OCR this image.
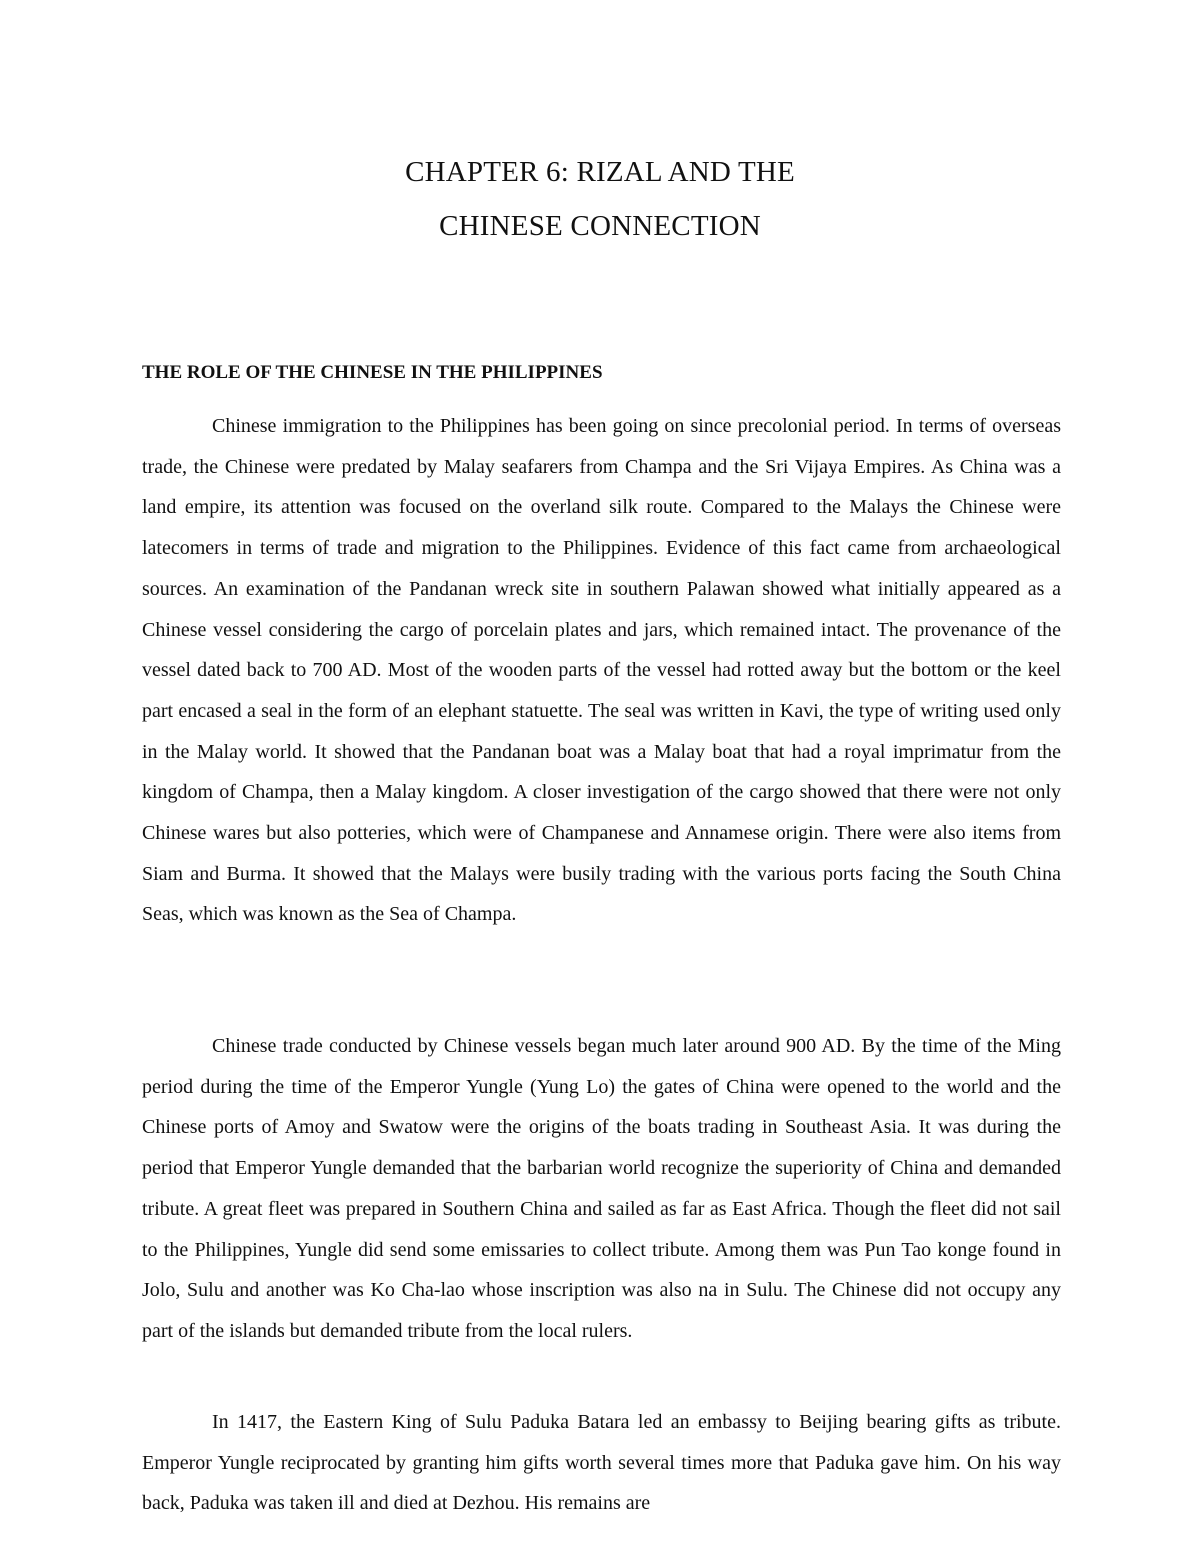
CHAPTER 6: RIZAL AND THE
CHINESE CONNECTION
THE ROLE OF THE CHINESE IN THE PHILIPPINES

Chinese immigration to the Philippines has been going on since precolonial period. In terms of overseas trade, the Chinese were predated by Malay seafarers from Champa and the Sri Vijaya Empires. As China was a land empire, its attention was focused on the overland silk route. Compared to the Malays the Chinese were latecomers in terms of trade and migration to the Philippines. Evidence of this fact came from archaeological sources. An examination of the Pandanan wreck site in southern Palawan showed what initially appeared as a Chinese vessel considering the cargo of porcelain plates and jars, which remained intact. The provenance of the vessel dated back to 700 AD. Most of the wooden parts of the vessel had rotted away but the bottom or the keel part encased a seal in the form of an elephant statuette. The seal was written in Kavi, the type of writing used only in the Malay world. It showed that the Pandanan boat was a Malay boat that had a royal imprimatur from the kingdom of Champa, then a Malay kingdom. A closer investigation of the cargo showed that there were not only Chinese wares but also potteries, which were of Champanese and Annamese origin. There were also items from Siam and Burma. It showed that the Malays were busily trading with the various ports facing the South China Seas, which was known as the Sea of Champa.

Chinese trade conducted by Chinese vessels began much later around 900 AD. By the time of the Ming period during the time of the Emperor Yungle (Yung Lo) the gates of China were opened to the world and the Chinese ports of Amoy and Swatow were the origins of the boats trading in Southeast Asia. It was during the period that Emperor Yungle demanded that the barbarian world recognize the superiority of China and demanded tribute. A great fleet was prepared in Southern China and sailed as far as East Africa. Though the fleet did not sail to the Philippines, Yungle did send some emissaries to collect tribute. Among them was Pun Tao konge found in Jolo, Sulu and another was Ko Cha-lao whose inscription was also na in Sulu. The Chinese did not occupy any part of the islands but demanded tribute from the local rulers.

In 1417, the Eastern King of Sulu Paduka Batara led an embassy to Beijing bearing gifts as tribute. Emperor Yungle reciprocated by granting him gifts worth several times more that Paduka gave him. On his way back, Paduka was taken ill and died at Dezhou. His remains are
